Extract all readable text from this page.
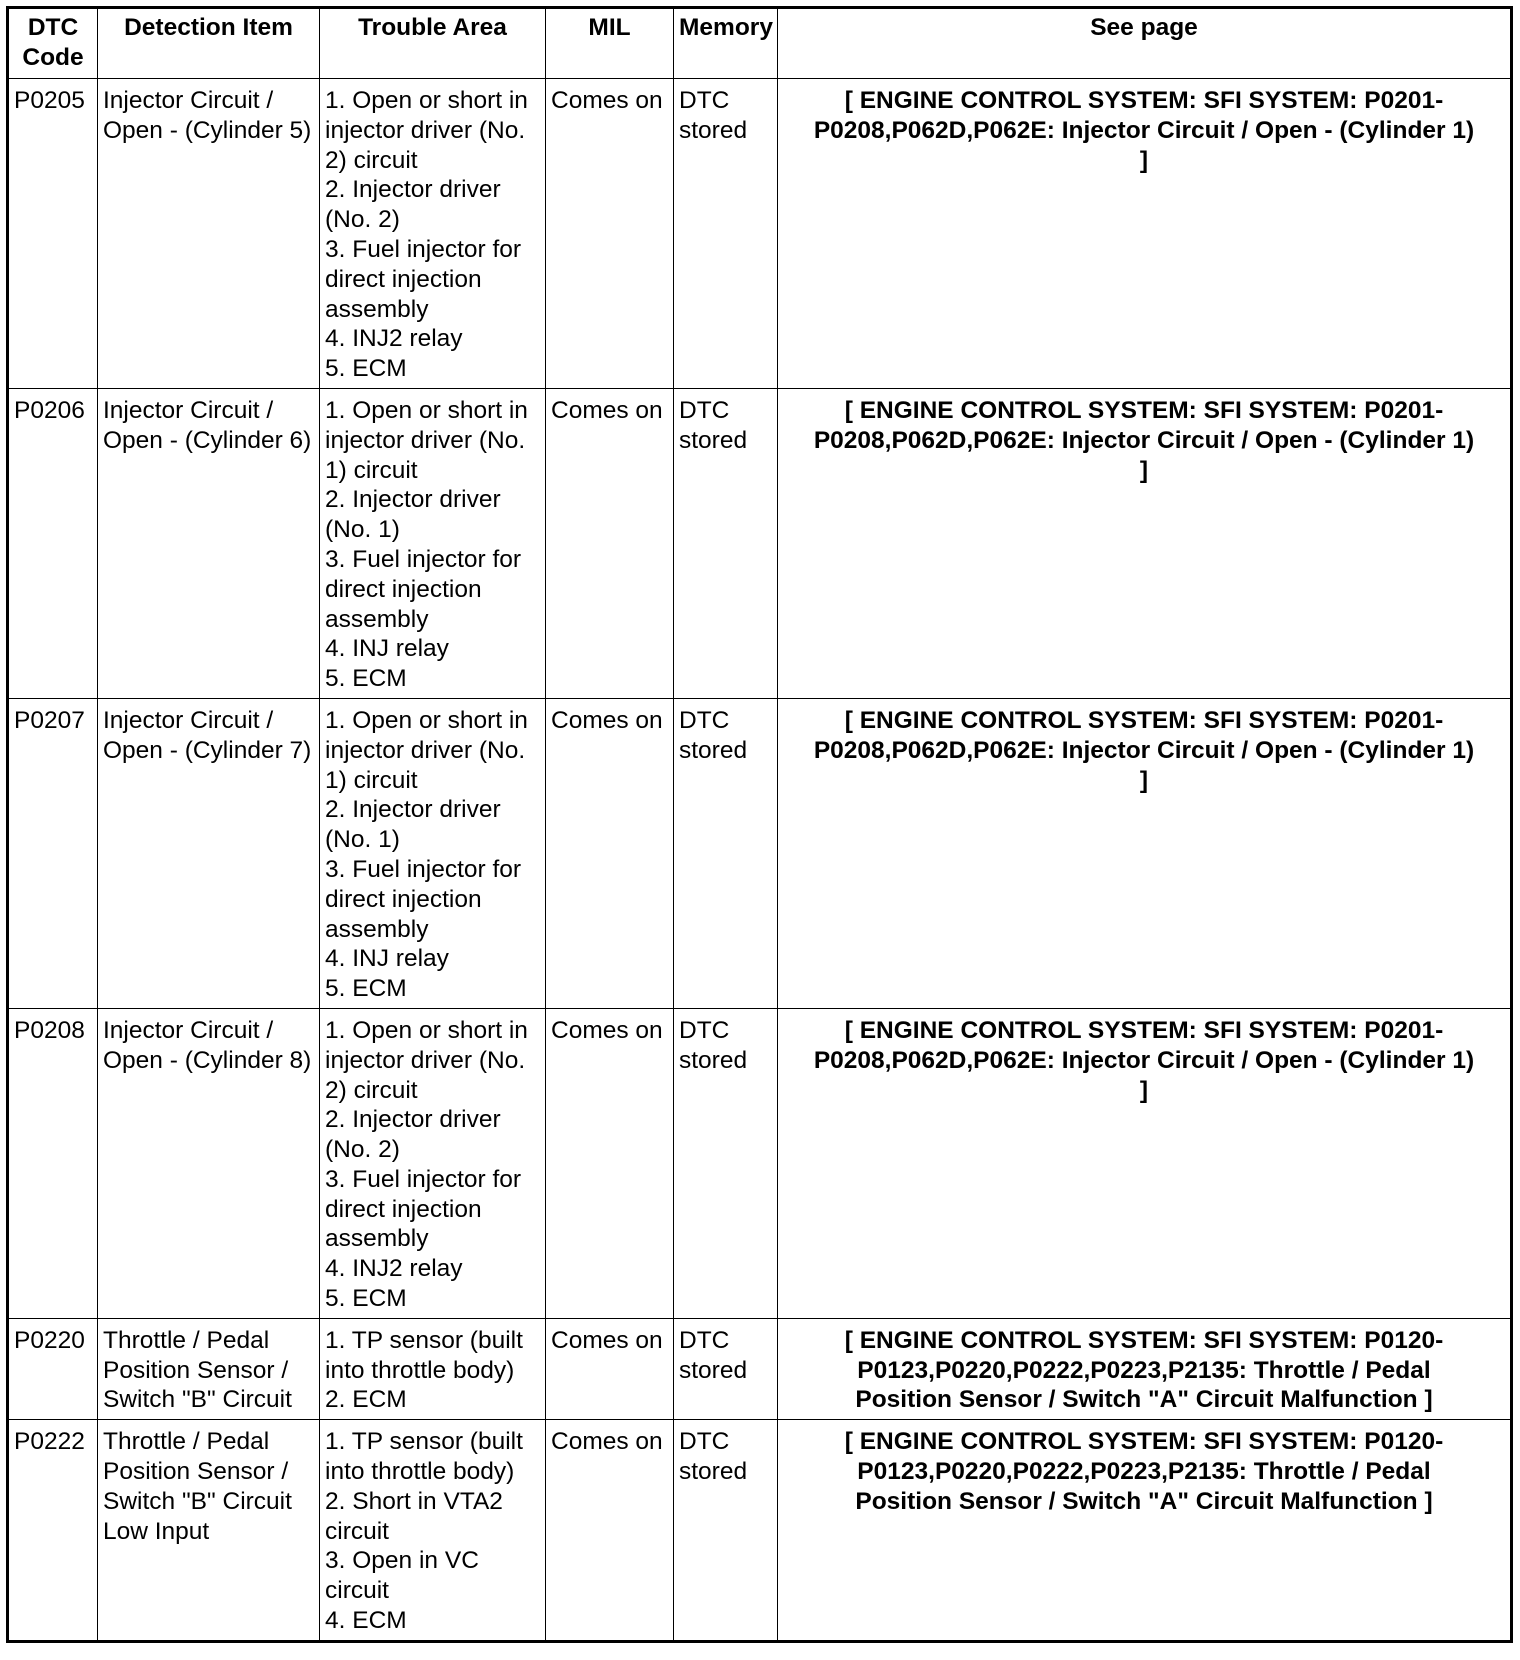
DTC Code	Detection Item	Trouble Area	MIL	Memory	See page
P0205	Injector Circuit / Open - (Cylinder 5)	1. Open or short in injector driver (No. 2) circuit
2. Injector driver (No. 2)
3. Fuel injector for direct injection assembly
4. INJ2 relay
5. ECM	Comes on	DTC stored	[ ENGINE CONTROL SYSTEM: SFI SYSTEM: P0201-P0208,P062D,P062E: Injector Circuit / Open - (Cylinder 1) ]
P0206	Injector Circuit / Open - (Cylinder 6)	1. Open or short in injector driver (No. 1) circuit
2. Injector driver (No. 1)
3. Fuel injector for direct injection assembly
4. INJ relay
5. ECM	Comes on	DTC stored	[ ENGINE CONTROL SYSTEM: SFI SYSTEM: P0201-P0208,P062D,P062E: Injector Circuit / Open - (Cylinder 1) ]
P0207	Injector Circuit / Open - (Cylinder 7)	1. Open or short in injector driver (No. 1) circuit
2. Injector driver (No. 1)
3. Fuel injector for direct injection assembly
4. INJ relay
5. ECM	Comes on	DTC stored	[ ENGINE CONTROL SYSTEM: SFI SYSTEM: P0201-P0208,P062D,P062E: Injector Circuit / Open - (Cylinder 1) ]
P0208	Injector Circuit / Open - (Cylinder 8)	1. Open or short in injector driver (No. 2) circuit
2. Injector driver (No. 2)
3. Fuel injector for direct injection assembly
4. INJ2 relay
5. ECM	Comes on	DTC stored	[ ENGINE CONTROL SYSTEM: SFI SYSTEM: P0201-P0208,P062D,P062E: Injector Circuit / Open - (Cylinder 1) ]
P0220	Throttle / Pedal Position Sensor / Switch "B" Circuit	1. TP sensor (built into throttle body)
2. ECM	Comes on	DTC stored	[ ENGINE CONTROL SYSTEM: SFI SYSTEM: P0120-P0123,P0220,P0222,P0223,P2135: Throttle / Pedal Position Sensor / Switch "A" Circuit Malfunction ]
P0222	Throttle / Pedal Position Sensor / Switch "B" Circuit Low Input	1. TP sensor (built into throttle body)
2. Short in VTA2 circuit
3. Open in VC circuit
4. ECM	Comes on	DTC stored	[ ENGINE CONTROL SYSTEM: SFI SYSTEM: P0120-P0123,P0220,P0222,P0223,P2135: Throttle / Pedal Position Sensor / Switch "A" Circuit Malfunction ]
